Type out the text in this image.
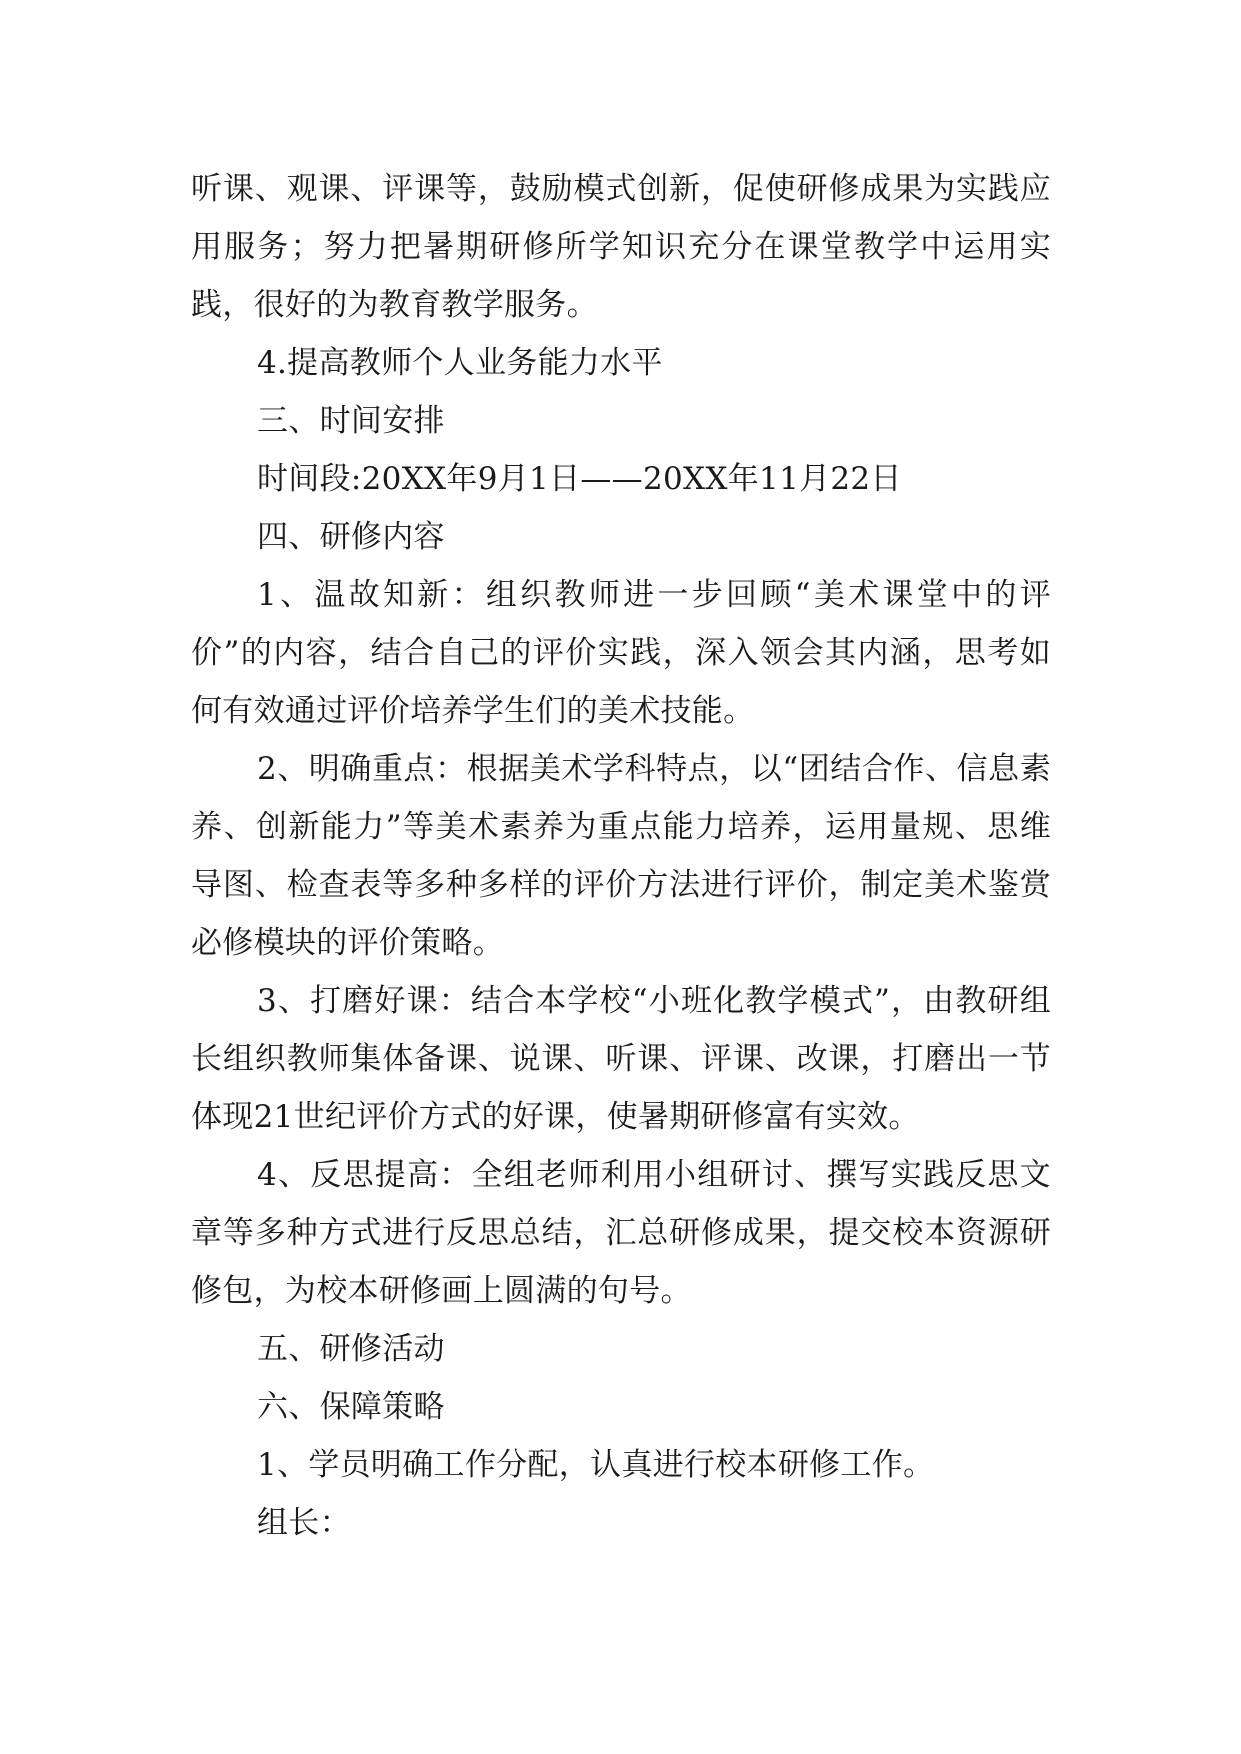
听课、观课、评课等，鼓励模式创新，促使研修成果为实践应用服务；努力把暑期研修所学知识充分在课堂教学中运用实践，很好的为教育教学服务。

4.提高教师个人业务能力水平

三、时间安排

时间段:20XX年9月1日——20XX年11月22日

四、研修内容

1、温故知新：组织教师进一步回顾“美术课堂中的评价”的内容，结合自己的评价实践，深入领会其内涵，思考如何有效通过评价培养学生们的美术技能。

2、明确重点：根据美术学科特点，以“团结合作、信息素养、创新能力”等美术素养为重点能力培养，运用量规、思维导图、检查表等多种多样的评价方法进行评价，制定美术鉴赏必修模块的评价策略。

3、打磨好课：结合本学校“小班化教学模式”，由教研组长组织教师集体备课、说课、听课、评课、改课，打磨出一节体现21世纪评价方式的好课，使暑期研修富有实效。

4、反思提高：全组老师利用小组研讨、撰写实践反思文章等多种方式进行反思总结，汇总研修成果，提交校本资源研修包，为校本研修画上圆满的句号。

五、研修活动

六、保障策略

1、学员明确工作分配，认真进行校本研修工作。

组长：
